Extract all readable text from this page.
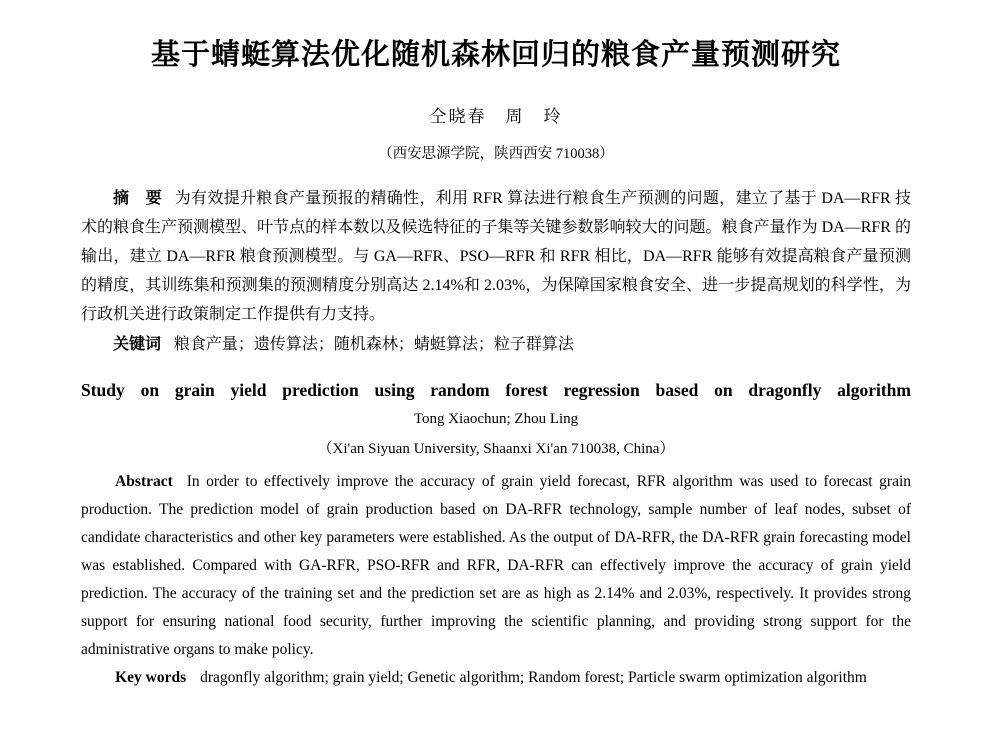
基于蜻蜓算法优化随机森林回归的粮食产量预测研究
仝晓春　周　玲
（西安思源学院，陕西西安 710038）

摘　要 为有效提升粮食产量预报的精确性，利用 RFR 算法进行粮食生产预测的问题，建立了基于 DA—RFR 技术的粮食生产预测模型、叶节点的样本数以及候选特征的子集等关键参数影响较大的问题。粮食产量作为 DA—RFR 的输出，建立 DA—RFR 粮食预测模型。与 GA—RFR、PSO—RFR 和 RFR 相比，DA—RFR 能够有效提高粮食产量预测的精度，其训练集和预测集的预测精度分别高达 2.14%和 2.03%，为保障国家粮食安全、进一步提高规划的科学性，为行政机关进行政策制定工作提供有力支持。

关键词 粮食产量；遗传算法；随机森林；蜻蜓算法；粒子群算法

Study on grain yield prediction using random forest regression based on dragonfly algorithm
Tong Xiaochun; Zhou Ling
（Xi'an Siyuan University, Shaanxi Xi'an 710038, China）

Abstract In order to effectively improve the accuracy of grain yield forecast, RFR algorithm was used to forecast grain production. The prediction model of grain production based on DA-RFR technology, sample number of leaf nodes, subset of candidate characteristics and other key parameters were established. As the output of DA-RFR, the DA-RFR grain forecasting model was established. Compared with GA-RFR, PSO-RFR and RFR, DA-RFR can effectively improve the accuracy of grain yield prediction. The accuracy of the training set and the prediction set are as high as 2.14% and 2.03%, respectively. It provides strong support for ensuring national food security, further improving the scientific planning, and providing strong support for the administrative organs to make policy.

Key words dragonfly algorithm; grain yield; Genetic algorithm; Random forest; Particle swarm optimization algorithm
